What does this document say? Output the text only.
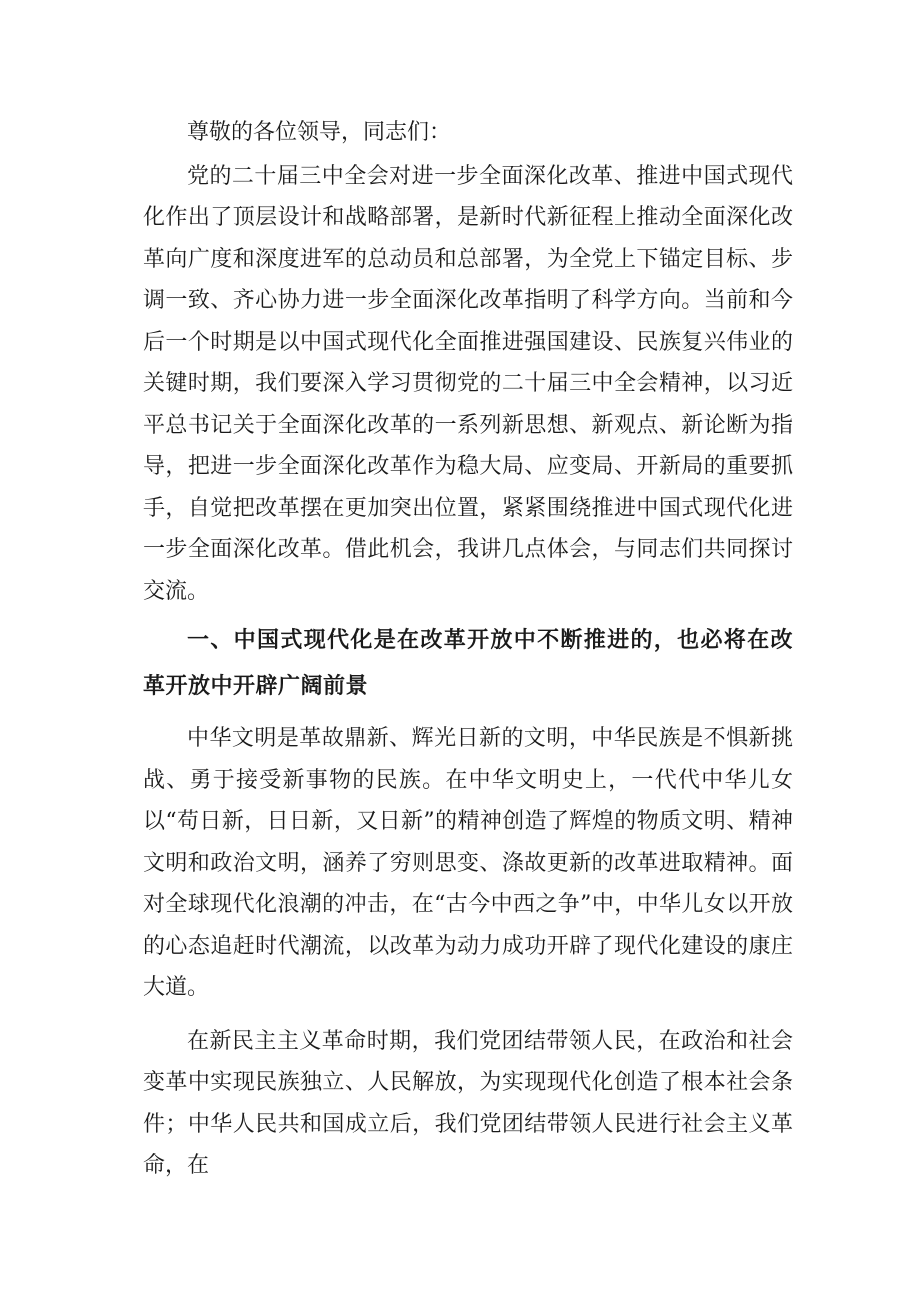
尊敬的各位领导，同志们：

党的二十届三中全会对进一步全面深化改革、推进中国式现代化作出了顶层设计和战略部署，是新时代新征程上推动全面深化改革向广度和深度进军的总动员和总部署，为全党上下锚定目标、步调一致、齐心协力进一步全面深化改革指明了科学方向。当前和今后一个时期是以中国式现代化全面推进强国建设、民族复兴伟业的关键时期，我们要深入学习贯彻党的二十届三中全会精神，以习近平总书记关于全面深化改革的一系列新思想、新观点、新论断为指导，把进一步全面深化改革作为稳大局、应变局、开新局的重要抓手，自觉把改革摆在更加突出位置，紧紧围绕推进中国式现代化进一步全面深化改革。借此机会，我讲几点体会，与同志们共同探讨交流。

一、中国式现代化是在改革开放中不断推进的，也必将在改革开放中开辟广阔前景

中华文明是革故鼎新、辉光日新的文明，中华民族是不惧新挑战、勇于接受新事物的民族。在中华文明史上，一代代中华儿女以“苟日新，日日新，又日新”的精神创造了辉煌的物质文明、精神文明和政治文明，涵养了穷则思变、涤故更新的改革进取精神。面对全球现代化浪潮的冲击，在“古今中西之争”中，中华儿女以开放的心态追赶时代潮流，以改革为动力成功开辟了现代化建设的康庄大道。

在新民主主义革命时期，我们党团结带领人民，在政治和社会变革中实现民族独立、人民解放，为实现现代化创造了根本社会条件；中华人民共和国成立后，我们党团结带领人民进行社会主义革命，在
